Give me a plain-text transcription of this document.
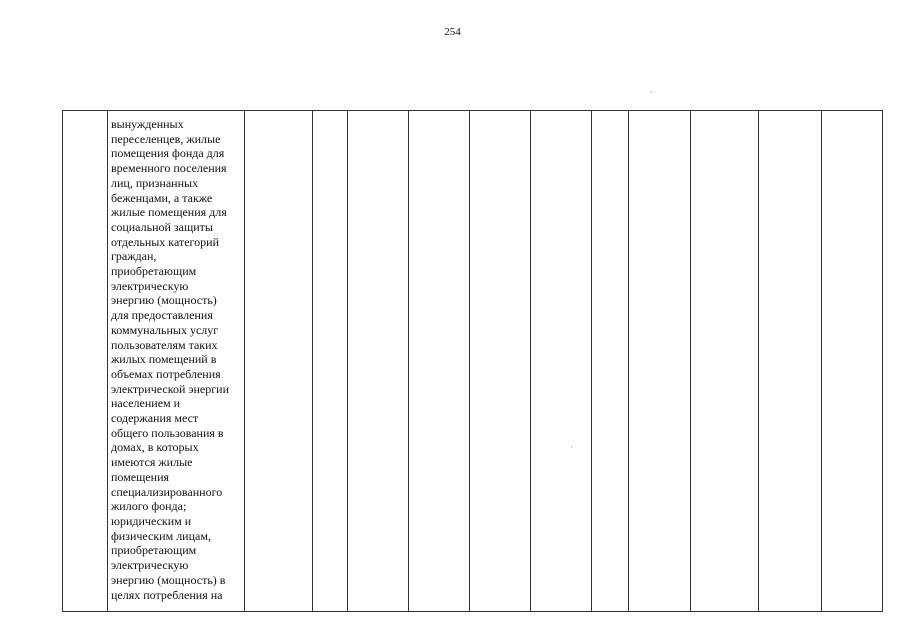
254
	вынужденных
переселенцев, жилые
помещения фонда для
временного поселения
лиц, признанных
беженцами, а также
жилые помещения для
социальной защиты
отдельных категорий
граждан,
приобретающим
электрическую
энергию (мощность)
для предоставления
коммунальных услуг
пользователям таких
жилых помещений в
объемах потребления
электрической энергии
населением и
содержания мест
общего пользования в
домах, в которых
имеются жилые
помещения
специализированного
жилого фонда;
юридическим и
физическим лицам,
приобретающим
электрическую
энергию (мощность) в
целях потребления на											
